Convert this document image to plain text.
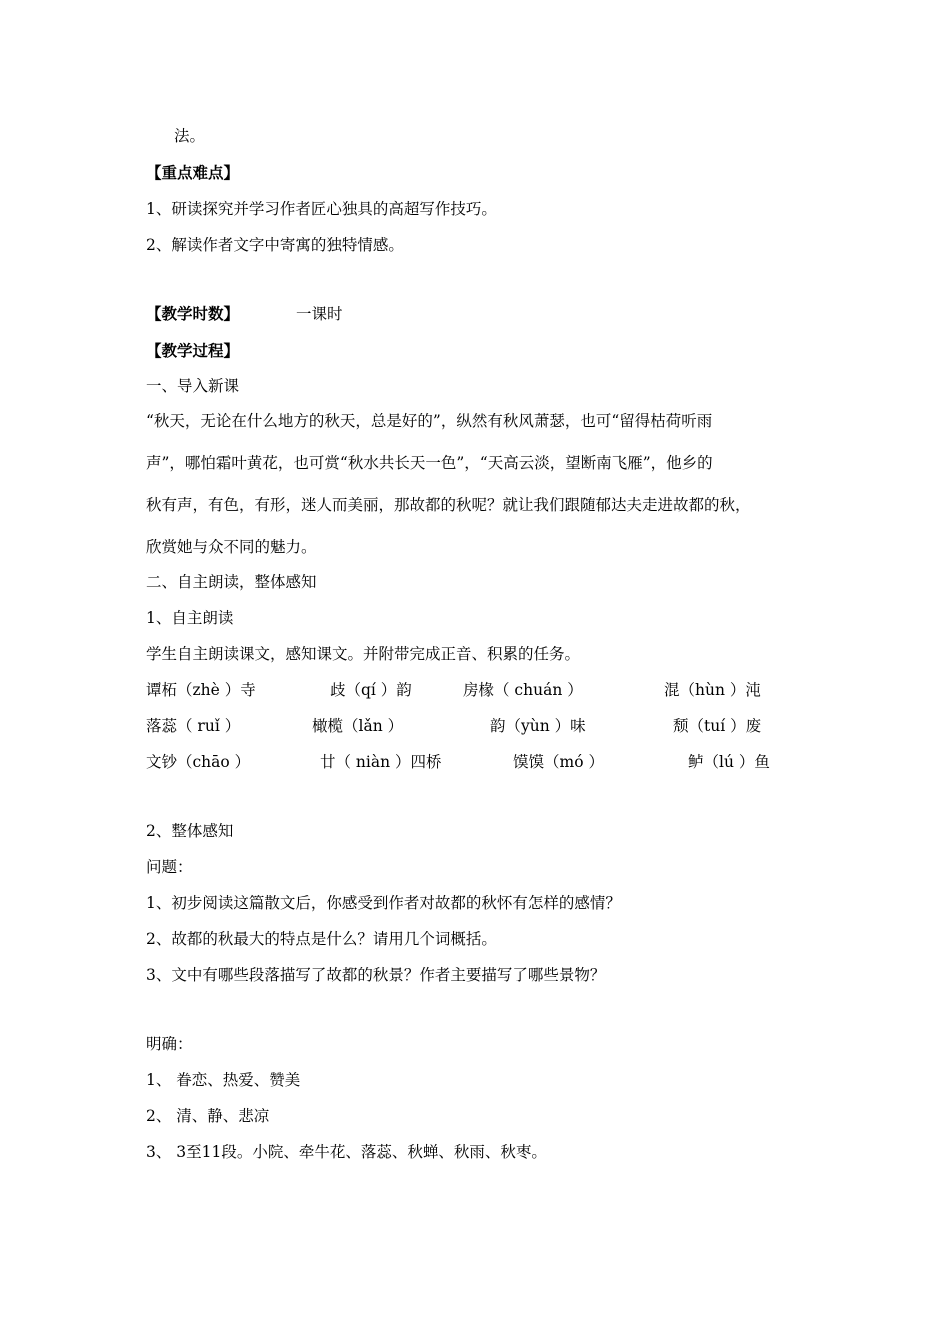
法。
【重点难点】
1、研读探究并学习作者匠心独具的高超写作技巧。
2、解读作者文字中寄寓的独特情感。
【教学时数】	一课时
【教学过程】
一、导入新课
“秋天，无论在什么地方的秋天，总是好的”，纵然有秋风萧瑟，也可“留得枯荷听雨
声”，哪怕霜叶黄花，也可赏“秋水共长天一色”，“天高云淡，望断南飞雁”，他乡的
秋有声，有色，有形，迷人而美丽，那故都的秋呢？就让我们跟随郁达夫走进故都的秋，
欣赏她与众不同的魅力。
二、自主朗读，整体感知
1、自主朗读
学生自主朗读课文，感知课文。并附带完成正音、积累的任务。
谭柘（zhè ）寺	歧（qí ）韵	房椽（ chuán ）	混（hùn ）沌
落蕊（ ruǐ ）	橄榄（lǎn ）	韵（yùn ）味	颓（tuí ）废
文钞（chāo ）	廿（ niàn ）四桥	馍馍（mó ）	鲈（lú ）鱼
2、整体感知
问题：
1、初步阅读这篇散文后，你感受到作者对故都的秋怀有怎样的感情？
2、故都的秋最大的特点是什么？请用几个词概括。
3、文中有哪些段落描写了故都的秋景？作者主要描写了哪些景物？
明确：
1、 眷恋、热爱、赞美
2、 清、静、悲凉
3、 3至11段。小院、牵牛花、落蕊、秋蝉、秋雨、秋枣。
